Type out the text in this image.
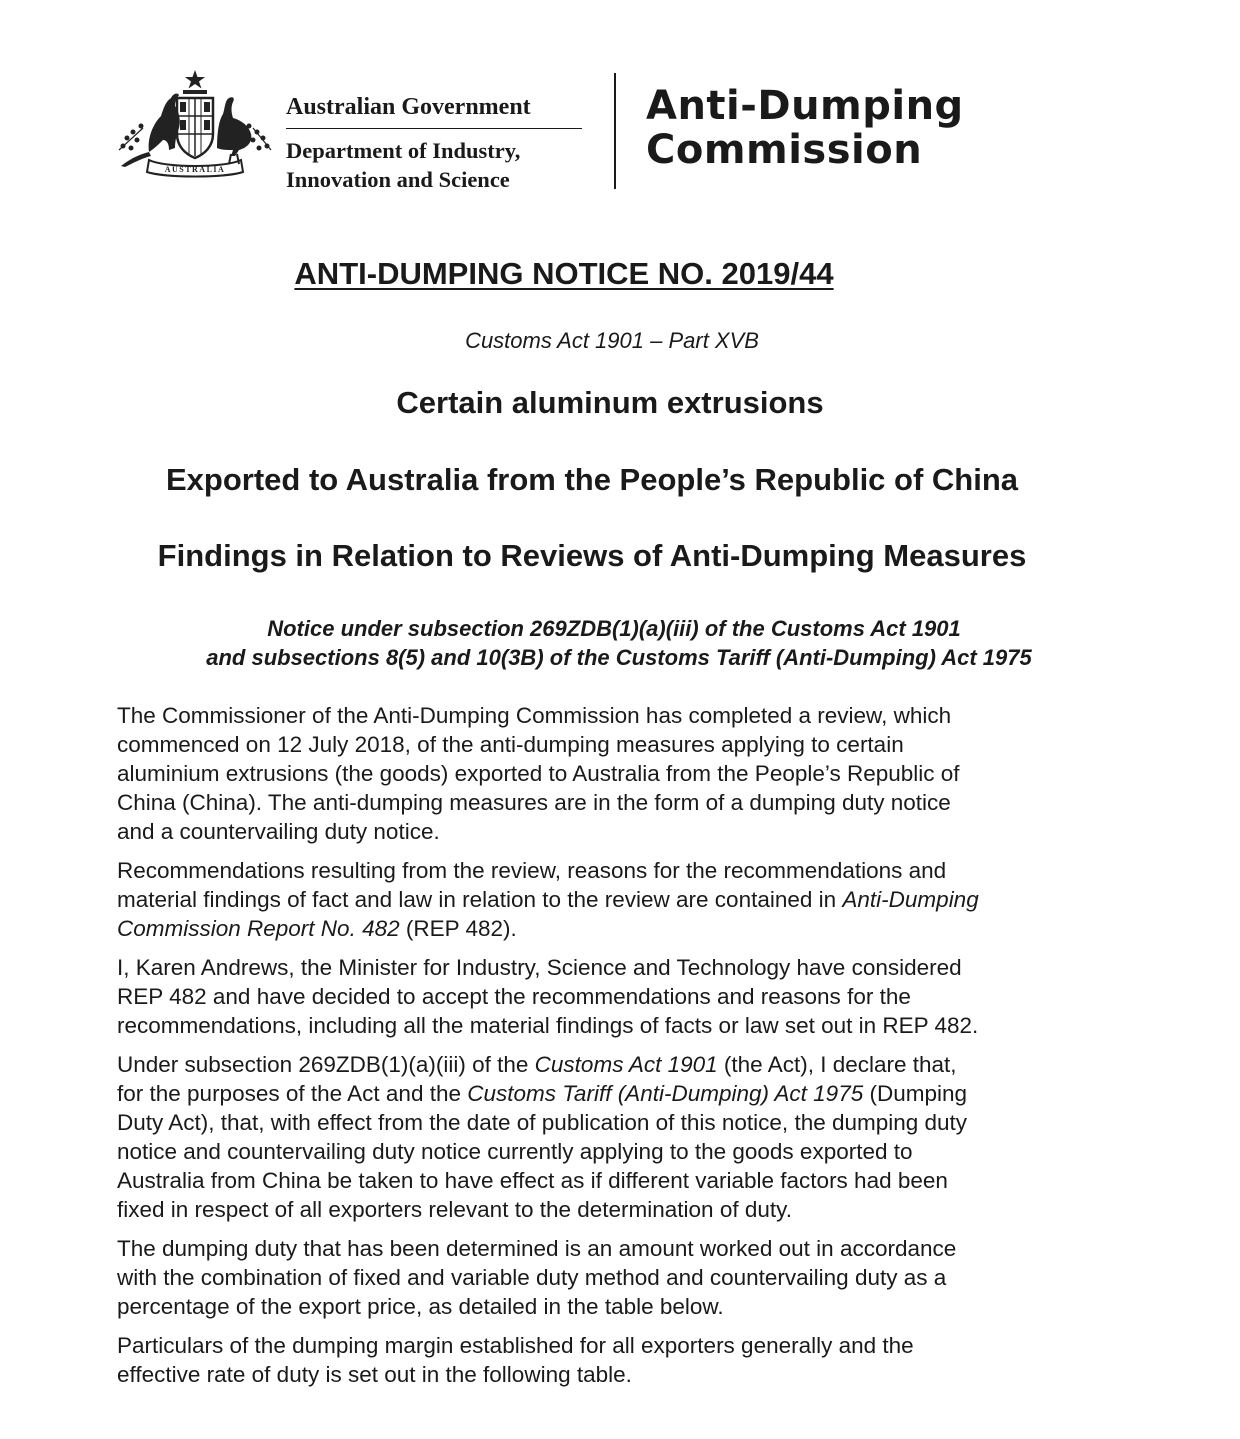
AUSTRALIA
Australian Government
Department of Industry,
Innovation and Science
Anti-Dumping
Commission
ANTI-DUMPING NOTICE NO. 2019/44
Customs Act 1901 – Part XVB
Certain aluminum extrusions
Exported to Australia from the People’s Republic of China
Findings in Relation to Reviews of Anti-Dumping Measures
Notice under subsection 269ZDB(1)(a)(iii) of the Customs Act 1901
and subsections 8(5) and 10(3B) of the Customs Tariff (Anti-Dumping) Act 1975

The Commissioner of the Anti-Dumping Commission has completed a review, which
commenced on 12 July 2018, of the anti-dumping measures applying to certain
aluminium extrusions (the goods) exported to Australia from the People’s Republic of
China (China). The anti-dumping measures are in the form of a dumping duty notice
and a countervailing duty notice.

Recommendations resulting from the review, reasons for the recommendations and
material findings of fact and law in relation to the review are contained in Anti-Dumping
Commission Report No. 482 (REP 482).

I, Karen Andrews, the Minister for Industry, Science and Technology have considered
REP 482 and have decided to accept the recommendations and reasons for the
recommendations, including all the material findings of facts or law set out in REP 482.

Under subsection 269ZDB(1)(a)(iii) of the Customs Act 1901 (the Act), I declare that,
for the purposes of the Act and the Customs Tariff (Anti-Dumping) Act 1975 (Dumping
Duty Act), that, with effect from the date of publication of this notice, the dumping duty
notice and countervailing duty notice currently applying to the goods exported to
Australia from China be taken to have effect as if different variable factors had been
fixed in respect of all exporters relevant to the determination of duty.

The dumping duty that has been determined is an amount worked out in accordance
with the combination of fixed and variable duty method and countervailing duty as a
percentage of the export price, as detailed in the table below.

Particulars of the dumping margin established for all exporters generally and the
effective rate of duty is set out in the following table.
